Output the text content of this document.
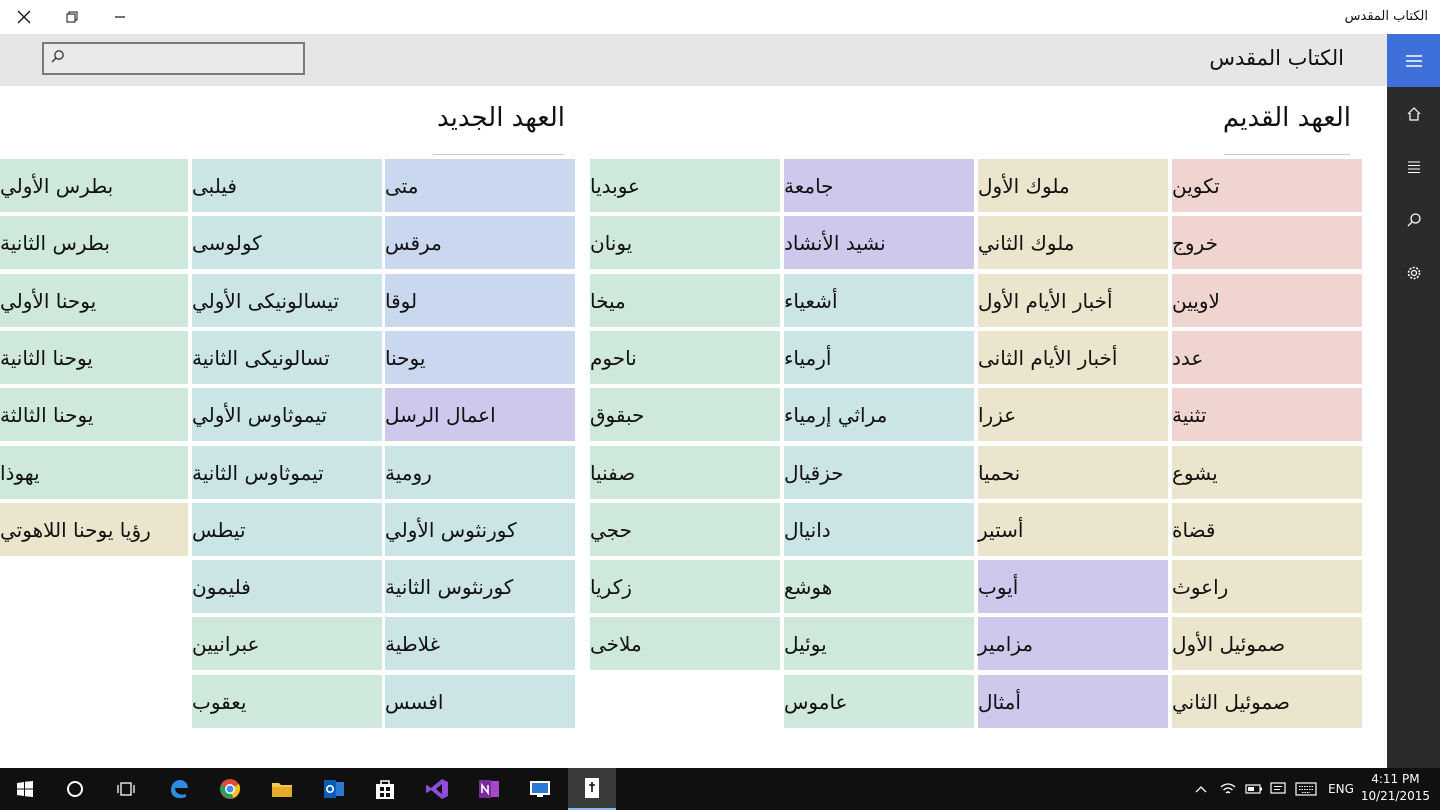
الكتاب المقدس
الكتاب المقدس
العهد القديم
العهد الجديد
تكوين
خروج
لاويين
عدد
تثنية
يشوع
قضاة
راعوث
صموئيل الأول
صموئيل الثاني
ملوك الأول
ملوك الثاني
أخبار الأيام الأول
أخبار الأيام الثانى
عزرا
نحميا
أستير
أيوب
مزامير
أمثال
جامعة
نشيد الأنشاد
أشعياء
أرمياء
مراثي إرمياء
حزقيال
دانيال
هوشع
يوئيل
عاموس
عوبديا
يونان
ميخا
ناحوم
حبقوق
صفنيا
حجي
زكريا
ملاخى
متى
مرقس
لوقا
يوحنا
اعمال الرسل
رومية
كورنثوس الأولي
كورنثوس الثانية
غلاطية
افسس
فيلبى
كولوسى
تيسالونيكى الأولي
تسالونيكى الثانية
تيموثاوس الأولي
تيموثاوس الثانية
تيطس
فليمون
عبرانيين
يعقوب
بطرس الأولي
بطرس الثانية
يوحنا الأولي
يوحنا الثانية
يوحنا الثالثة
يهوذا
رؤيا يوحنا اللاهوتي
ENG
4:11 PM
10/21/2015
